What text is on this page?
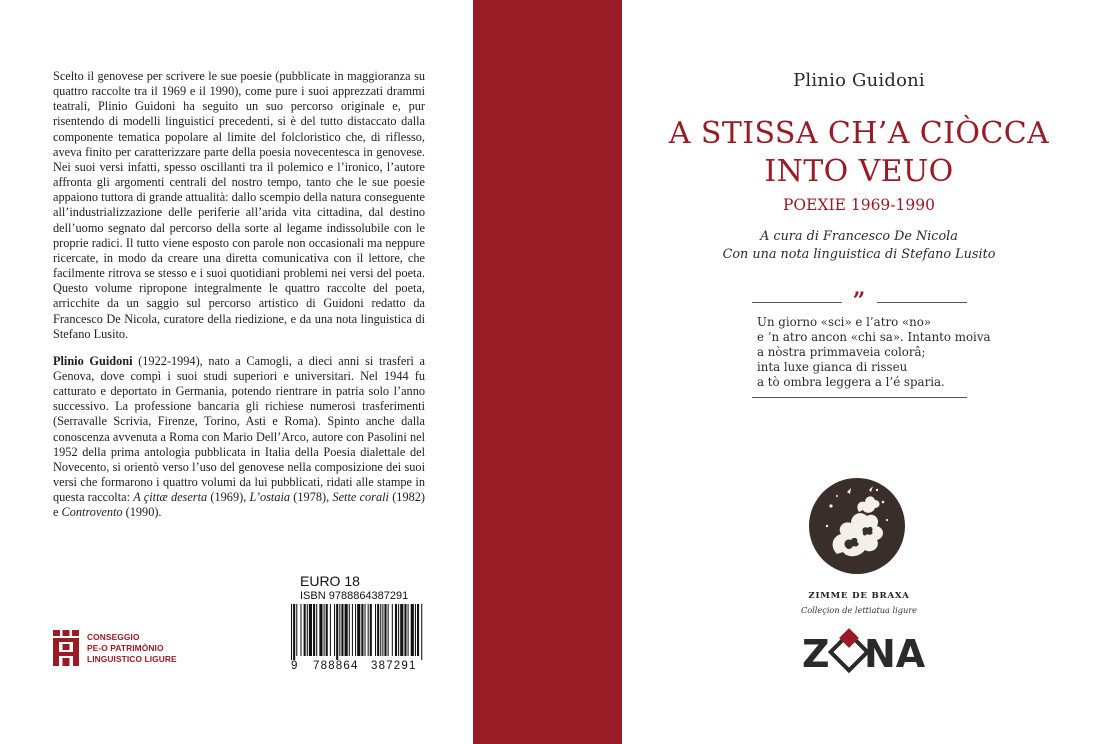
Scelto il genovese per scrivere le sue poesie (pubblicate in maggioranza su quattro raccolte tra il 1969 e il 1990), come pure i suoi apprezzati drammi teatrali, Plinio Guidoni ha seguito un suo percorso originale e, pur risentendo di modelli linguistici precedenti, si è del tutto distaccato dalla componente tematica popolare al limite del folcloristico che, di riflesso, aveva finito per caratterizzare parte della poesia novecentesca in genovese. Nei suoi versi infatti, spesso oscillanti tra il polemico e l’ironico, l’autore affronta gli argomenti centrali del nostro tempo, tanto che le sue poesie appaiono tuttora di grande attualità: dallo scempio della natura conseguente all’industrializzazione delle periferie all’arida vita cittadina, dal destino dell’uomo segnato dal percorso della sorte al legame indissolubile con le proprie radici. Il tutto viene esposto con parole non occasionali ma neppure ricercate, in modo da creare una diretta comunicativa con il lettore, che facilmente ritrova se stesso e i suoi quotidiani problemi nei versi del poeta. Questo volume ripropone integralmente le quattro raccolte del poeta, arricchite da un saggio sul percorso artistico di Guidoni redatto da Francesco De Nicola, curatore della riedizione, e da una nota linguistica di Stefano Lusito.

Plinio Guidoni (1922-1994), nato a Camogli, a dieci anni si trasferì a Genova, dove compì i suoi studi superiori e universitari. Nel 1944 fu catturato e deportato in Germania, potendo rientrare in patria solo l’anno successivo. La professione bancaria gli richiese numerosi trasferimenti (Serravalle Scrivia, Firenze, Torino, Asti e Roma). Spinto anche dalla conoscenza avvenuta a Roma con Mario Dell’Arco, autore con Pasolini nel 1952 della prima antologia pubblicata in Italia della Poesia dialettale del Novecento, si orientò verso l’uso del genovese nella composizione dei suoi versi che formarono i quattro volumi da lui pubblicati, ridati alle stampe in questa raccolta: A çittæ deserta (1969), L’ostaia (1978), Sette corali (1982) e Controvento (1990).

EURO 18
ISBN 9788864387291
9 788864 387291
CONSEGGIO
PE-O PATRIMÒNIO
LINGUISTICO LIGURE
Plinio Guidoni
A STISSA CH’A CIÒCCA
INTO VEUO
POEXIE 1969-1990
A cura di Francesco De Nicola
Con una nota linguistica di Stefano Lusito
”
Un giorno «sci» e l’atro «no»
e ’n atro ancon «chi sa». Intanto moiva
a nòstra primmaveia colorâ;
inta luxe gianca di risseu
a tò ombra leggera a l’é sparia.
ZIMME DE BRAXA
Colleçion de lettiatua ligure
Z NA
